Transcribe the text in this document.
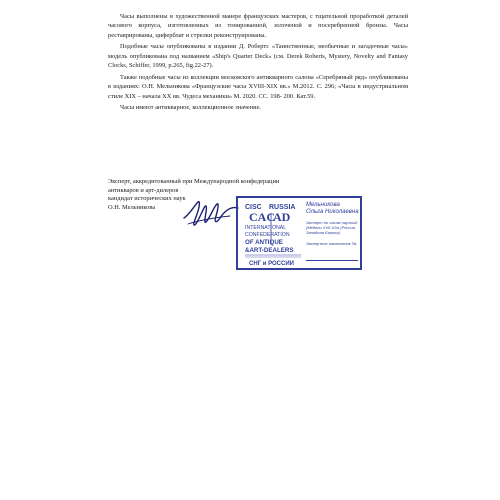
Часы выполнены в художественной манере французских мастеров, с тщательной проработкой деталей часового корпуса, изготовленных из тонированной, золоченой и посеребренной бронзы. Часы реставрированы, циферблат и стрелки реконструированы.

Подобные часы опубликованы в издании Д. Робертс «Таинственные, необычные и загадочные часы» модель опубликована под названием «Ship's Quarter Deck» (см. Derek Roberts, Mystery, Novelty and Fantasy Clocks, Schiffer, 1999, p.265, fig.22-27).

Также подобные часы из коллекции московского антикварного салона «Серебряный ряд» опубликованы в изданиях: О.Н. Мельникова «Французские часы XVIII-XIX вв.» М.2012. С. 296; «Часы в индустриальном стиле XIX – начала XX вв. Чудеса механики» М. 2020. СС. 198- 200. Кат.59.

Часы имеют антикварное, коллекционное значение.

Эксперт, аккредитованный при Международной конфедерации
антикваров и арт-дилеров
кандидат исторических наук
О.Н. Мельникова	CISC RUSSIA
CAC
AD
INTERNATIONAL
CONFEDERATION
OF ANTIQUE
&ART-DEALERS
СНГ и РОССИИ
Мельникова
Ольга Николаевна
Эксперт по часам научный (Мебели XVII-XXв (Россия, Западная Европа)
Экспертное заключение №
